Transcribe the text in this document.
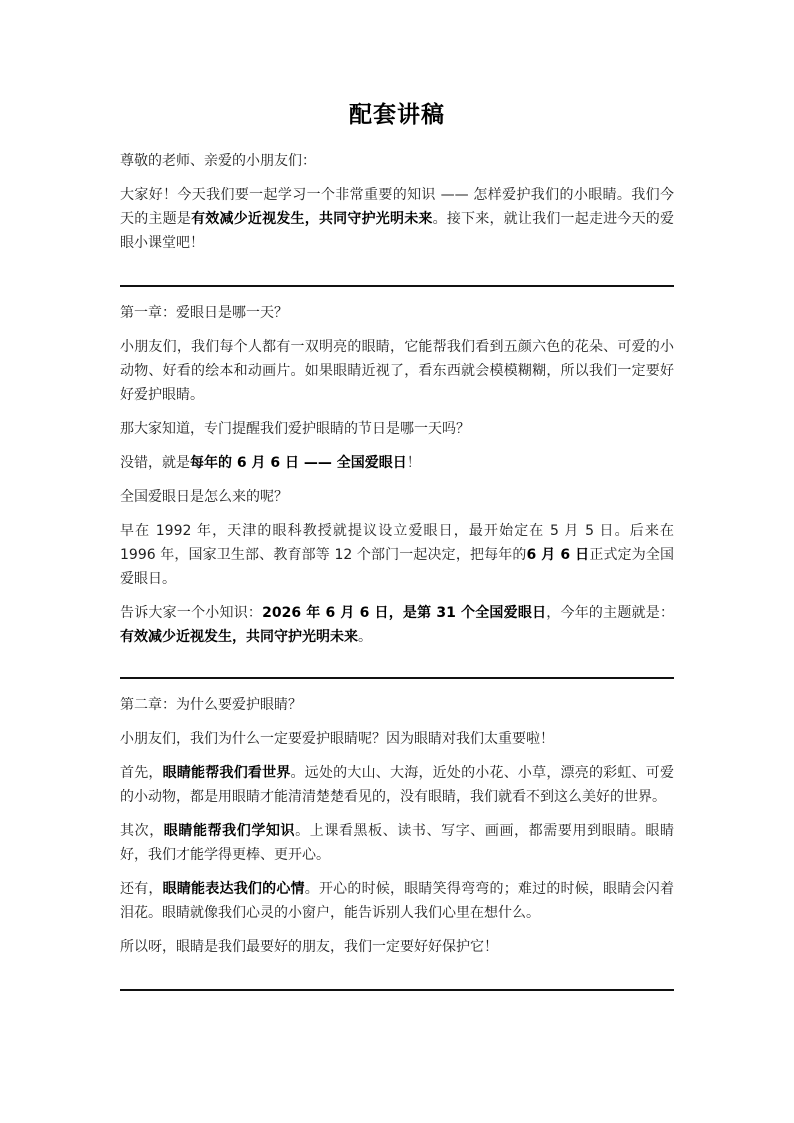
配套讲稿

尊敬的老师、亲爱的小朋友们：

大家好！今天我们要一起学习一个非常重要的知识 —— 怎样爱护我们的小眼睛。我们今天的主题是有效减少近视发生，共同守护光明未来。接下来，就让我们一起走进今天的爱眼小课堂吧！

第一章：爱眼日是哪一天？

小朋友们，我们每个人都有一双明亮的眼睛，它能帮我们看到五颜六色的花朵、可爱的小动物、好看的绘本和动画片。如果眼睛近视了，看东西就会模模糊糊，所以我们一定要好好爱护眼睛。

那大家知道，专门提醒我们爱护眼睛的节日是哪一天吗？

没错，就是每年的 6 月 6 日 —— 全国爱眼日！

全国爱眼日是怎么来的呢？

早在 1992 年，天津的眼科教授就提议设立爱眼日，最开始定在 5 月 5 日。后来在 1996 年，国家卫生部、教育部等 12 个部门一起决定，把每年的6 月 6 日正式定为全国爱眼日。

告诉大家一个小知识：2026 年 6 月 6 日，是第 31 个全国爱眼日，今年的主题就是：有效减少近视发生，共同守护光明未来。

第二章：为什么要爱护眼睛？

小朋友们，我们为什么一定要爱护眼睛呢？因为眼睛对我们太重要啦！

首先，眼睛能帮我们看世界。远处的大山、大海，近处的小花、小草，漂亮的彩虹、可爱的小动物，都是用眼睛才能清清楚楚看见的，没有眼睛，我们就看不到这么美好的世界。

其次，眼睛能帮我们学知识。上课看黑板、读书、写字、画画，都需要用到眼睛。眼睛好，我们才能学得更棒、更开心。

还有，眼睛能表达我们的心情。开心的时候，眼睛笑得弯弯的；难过的时候，眼睛会闪着泪花。眼睛就像我们心灵的小窗户，能告诉别人我们心里在想什么。

所以呀，眼睛是我们最要好的朋友，我们一定要好好保护它！
